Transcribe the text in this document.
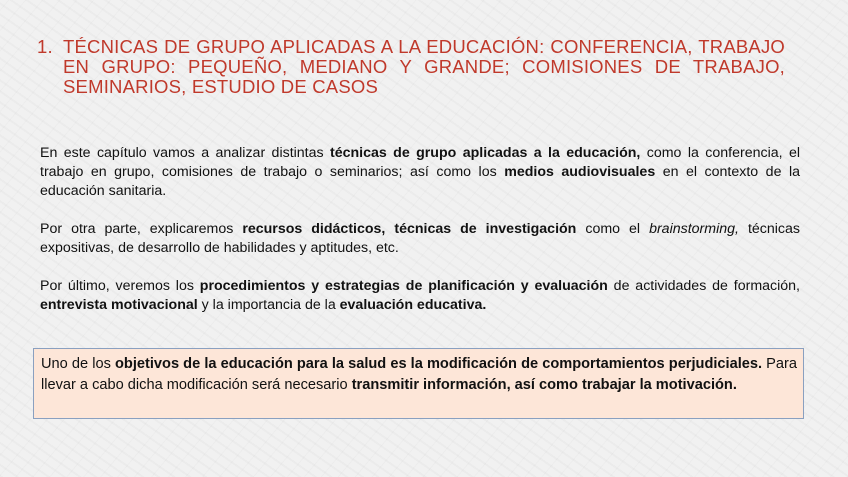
1. TÉCNICAS DE GRUPO APLICADAS A LA EDUCACIÓN: CONFERENCIA, TRABAJO EN GRUPO: PEQUEÑO, MEDIANO Y GRANDE; COMISIONES DE TRABAJO, SEMINARIOS, ESTUDIO DE CASOS

En este capítulo vamos a analizar distintas técnicas de grupo aplicadas a la educación, como la conferencia, el trabajo en grupo, comisiones de trabajo o seminarios; así como los medios audiovisuales en el contexto de la educación sanitaria.

Por otra parte, explicaremos recursos didácticos, técnicas de investigación como el brainstorming, técnicas expositivas, de desarrollo de habilidades y aptitudes, etc.

Por último, veremos los procedimientos y estrategias de planificación y evaluación de actividades de formación, entrevista motivacional y la importancia de la evaluación educativa.

Uno de los objetivos de la educación para la salud es la modificación de comportamientos perjudiciales. Para llevar a cabo dicha modificación será necesario transmitir información, así como trabajar la motivación.
